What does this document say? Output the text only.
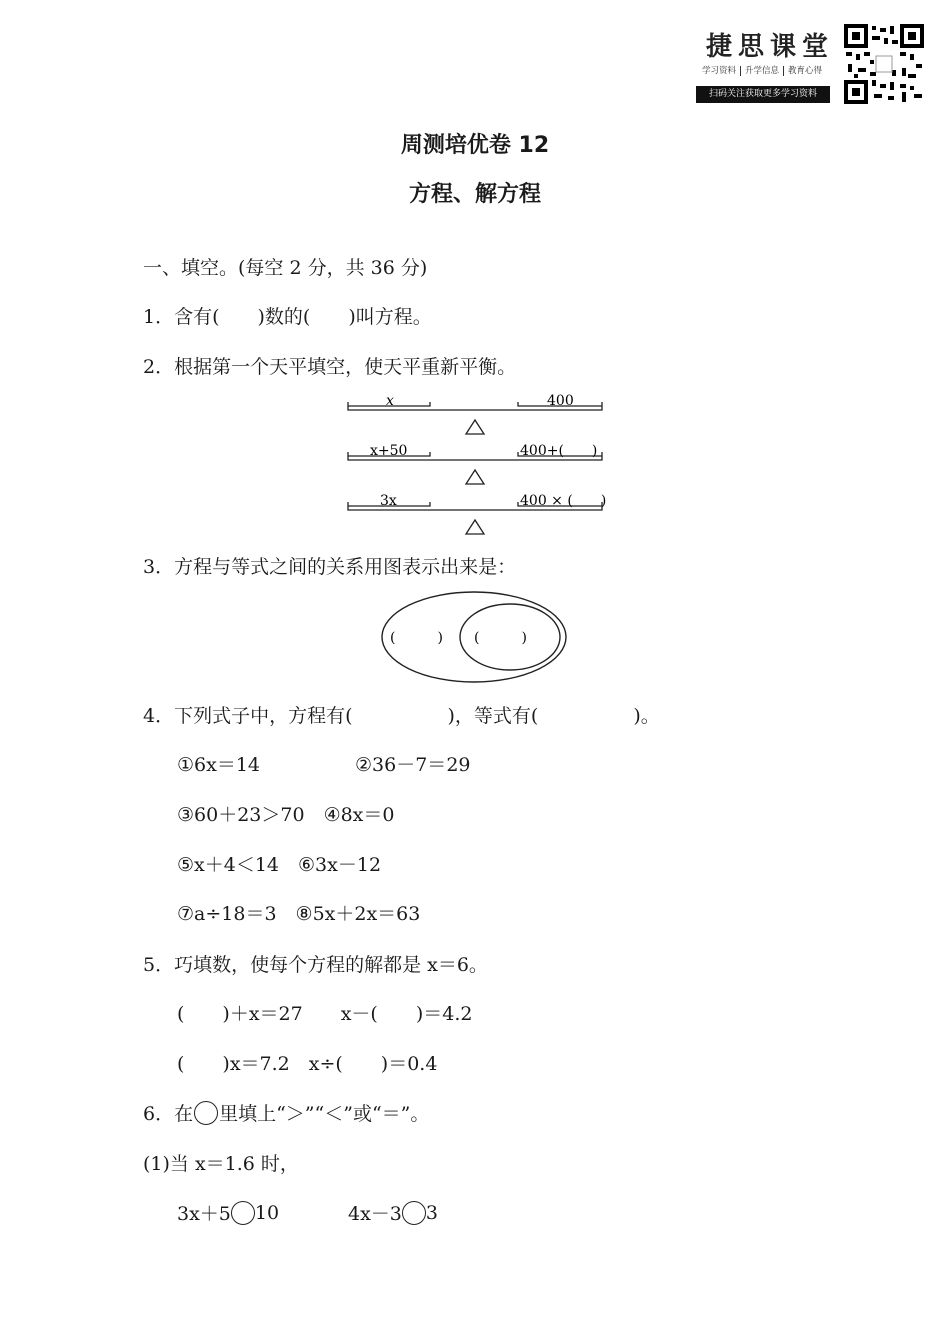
捷思课堂
学习资料 升学信息 教育心得
扫码关注获取更多学习资料
周测培优卷 12
方程、解方程
一、填空。(每空 2 分，共 36 分)
1．含有(　　)数的(　　)叫方程。
2．根据第一个天平填空，使天平重新平衡。
x	400
x+50	400+(　　)
3x	400 × (　　)
3．方程与等式之间的关系用图表示出来是：
(　　　) (　　　)
4．下列式子中，方程有(　　　　　)，等式有(　　　　　)。
①6x＝14　　　　　②36－7＝29
③60＋23＞70　④8x＝0
⑤x＋4＜14　⑥3x－12
⑦a÷18＝3　⑧5x＋2x＝63
5．巧填数，使每个方程的解都是 x＝6。
(　　)＋x＝27　　x－(　　)＝4.2
(　　)x＝7.2　x÷(　　)＝0.4
6．在 里填上“＞”“＜”或“＝”。
(1)当 x＝1.6 时，
3x＋5 10	4x－3 3
